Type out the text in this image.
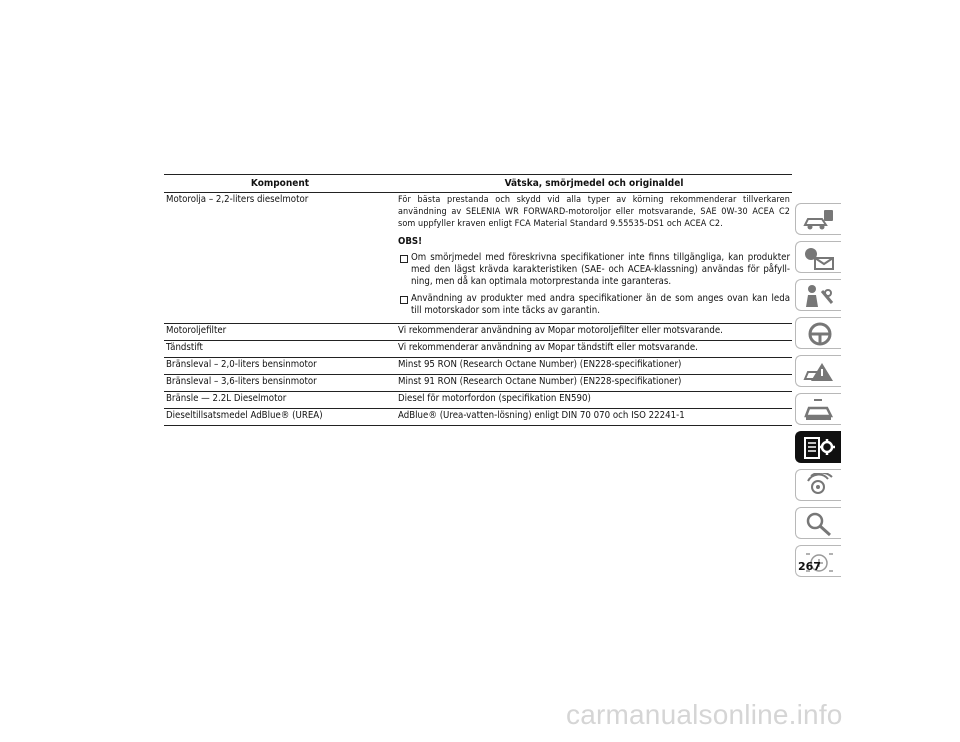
Komponent	Vätska, smörjmedel och originaldel
Motorolja – 2,2-liters dieselmotor	För bästa prestanda och skydd vid alla typer av körning rekommenderar tillverkaren användning av SELENIA WR FORWARD-motoroljor eller motsvarande, SAE 0W-30 ACEA C2 som uppfyller kraven enligt FCA Material Standard 9.55535-DS1 och ACEA C2.

OBS!
Om smörjmedel med föreskrivna specifikationer inte finns tillgängliga, kan produkter med den lägst krävda karakteristiken (SAE- och ACEA-klassning) användas för påfyllning, men då kan optimala motorprestanda inte garanteras.
Användning av produkter med andra specifikationer än de som anges ovan kan leda till motorskador som inte täcks av garantin.
Motoroljefilter	Vi rekommenderar användning av Mopar motoroljefilter eller motsvarande.
Tändstift	Vi rekommenderar användning av Mopar tändstift eller motsvarande.
Bränsleval – 2,0-liters bensinmotor	Minst 95 RON (Research Octane Number) (EN228-specifikationer)
Bränsleval – 3,6-liters bensinmotor	Minst 91 RON (Research Octane Number) (EN228-specifikationer)
Bränsle — 2.2L Dieselmotor	Diesel för motorfordon (specifikation EN590)
Dieseltillsatsmedel AdBlue® (UREA)	AdBlue® (Urea-vatten-lösning) enligt DIN 70 070 och ISO 22241-1
267
carmanualsonline.info
